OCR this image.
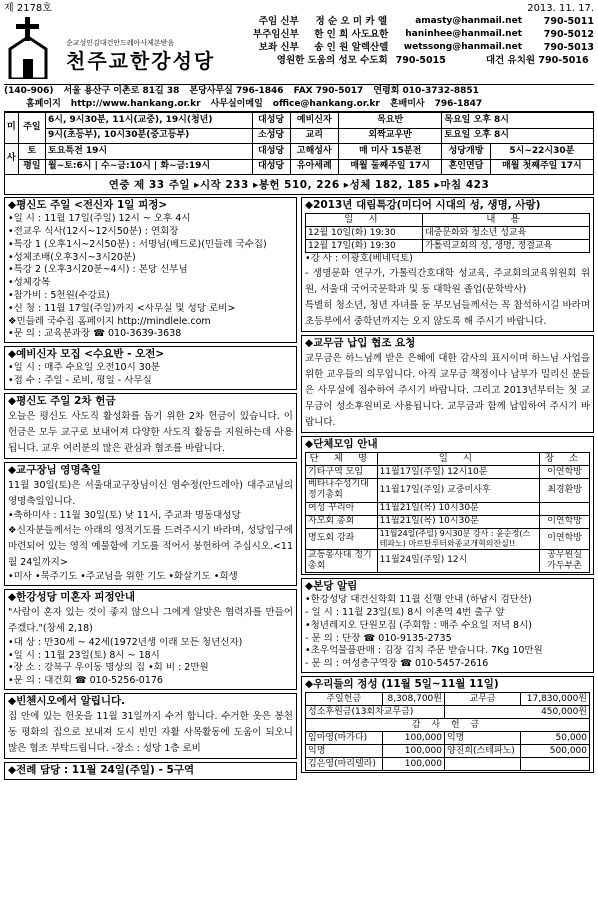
제 2178호	2013. 11. 17.
순교성인김대건안드레아사제본받음
천주교한강성당
주임 신부	정 순 오 미 카 엘	amasty@hanmail.net	790-5011
부주임신부	한 인 희 사도요한	haninhee@hanmail.net	790-5012
보좌 신부	송 인 원 알렉산델	wetssong@hanmail.net	790-5013
영원한 도움의 성모 수도회 790-5015	대건 유치원 790-5016
(140-906) 서울 용산구 이촌로 81길 38 본당사무실 796-1846 FAX 790-5017 연령회 010-3732-8851
홈페이지 http://www.hankang.or.kr 사무실이메일 office@hankang.or.kr 혼배미사 796-1847
미	주일	6시, 9시30분, 11시(교중), 19시(청년)	대성당	예비신자	목요반	목요일 오후 8시	
		9시(초등부), 10시30분(중고등부)	소성당	교리	외짝교우반	토요일 오후 8시	
사	토	토요특전 19시	대성당	고해성사	매 미사 15분전	성당개방	5시~22시30분
	평일	월~토:6시 | 수~금:10시 | 화~금:19시	대성당	유아세례	매월 둘째주일 17시	혼인면담	매월 첫째주일 17시
연중 제 33 주일 ▸시작 233 ▸봉헌 510, 226 ▸성체 182, 185 ▸마침 423
◆평신도 주일 <전신자 1일 피정>
•일 시 : 11월 17일(주일) 12시 ~ 오후 4시
•전교우 식사(12시~12시50분) : 연회장
•특강 1 (오후1시~2시50분) : 서명님(베드로)(민들레 국수집)
•성체조배(오후3시~3시20분)
•특강 2 (오후3시20분~4시) : 본당 신부님
•성체강복
•참가비 : 5천원(수강료)
•신 청 : 11월 17일(주일)까지 <사무실 및 성당 로비>
❖민들레 국수집 홈페이지 http://mindlele.com
•문 의 : 교육분과장 ☎ 010-3639-3638
◆예비신자 모집 <수요반 - 오전>
•일 시 : 매주 수요일 오전10시 30분
•접 수 : 주일 - 로비, 평일 - 사무실
◆평신도 주일 2차 헌금
오늘은 평신도 사도직 활성화를 돕기 위한 2차 헌금이 있습니다. 이 헌금은 모두 교구로 보내어져 다양한 사도직 활동을 지원하는데 사용됩니다. 교우 여러분의 많은 관심과 협조를 바랍니다.
◆교구장님 영명축일
11월 30일(토)은 서울대교구장님이신 염수정(안드레아) 대주교님의 영명축일입니다.
•축하미사 : 11월 30일(토) 낮 11시, 주교좌 명동대성당
❖신자분들께서는 아래의 영적기도를 드려주시기 바라며, 성당입구에 마련되어 있는 영적 예물함에 기도를 적어서 봉헌하여 주십시오.<11월 24일까지>
•미사 •묵주기도 •주교님을 위한 기도 •화살기도 •희생
◆한강성당 미혼자 피정안내
"사람이 혼자 있는 것이 좋지 않으니 그에게 알맞은 협력자를 만들어 주겠다."(창세 2,18)
•대 상 : 만30세 ~ 42세(1972년생 이래 모든 청년신자)
•일 시 : 11월 23일(토) 8시 ~ 18시
•장 소 : 강북구 우이동 명상의 집 •회 비 : 2만원
•문 의 : 대건회 ☎ 010-5256-0176
◆빈첸시오에서 알립니다.
집 안에 있는 헌옷을 11월 31일까지 수거 합니다. 수거한 옷은 봉천동 평화의 집으로 보내져 도시 빈민 자활 사목활동에 도움이 되오니 많은 협조 부탁드립니다. -장소 : 성당 1층 로비
◆전례 담당 : 11월 24일(주일) - 5구역
◆2013년 대림특강(미디어 시대의 성, 생명, 사랑)
일 시	내 용
12월 10일(화) 19:30	대중문화와 청소년 성교육
12월 17일(화) 19:30	가톨릭교회의 성, 생명, 정결교육
•강 사 : 이광호(베네딕토)
- 생명문화 연구가, 가톨릭간호대학 성교육, 주교회의교육위원회 위원, 서울대 국어국문학과 및 동 대학원 졸업(문학박사)
특별히 청소년, 청년 자녀를 둔 부모님들께서는 꼭 참석하시길 바라며 초등부에서 중학년까지는 오지 않도록 해 주시기 바랍니다.
◆교무금 납입 협조 요청
교무금은 하느님께 받은 은혜에 대한 감사의 표시이며 하느님 사업을 위한 교우들의 의무입니다. 아직 교무금 책정이나 납부가 밀리신 분들은 사무실에 접수하여 주시기 바랍니다. 그리고 2013년부터는 첫 교무금이 성소후원비로 사용됩니다. 교무금과 함께 납입하여 주시기 바랍니다.
◆단체모임 안내
단 체 명	일 시	장 소
기타구역 모임	11월17일(주일) 12시10분	이연학방
베타나수성기대 정기총회	11월17일(주일) 교중미사후	최경환방
여성 꾸리아	11월21일(목) 10시30분	
자모회 총회	11월21일(목) 10시30분	이연학방
명도회 강좌	11월24일(주일) 9시30분 강사 : 윤순정(스테파노) 마르탄루터와종교개혁의잔실!!	이연학방
교동봉사대 정기총회	11월24일(주일) 12시	공무원실 가두부촌
◆본당 알림
•한강성당 대건신학회 11월 신행 안내 (하남시 검단산)
- 일 시 : 11월 23일(토) 8시 이촌역 4번 출구 앞
•청년레지오 단원모집 (주회합 : 매주 수요일 저녁 8시)
- 문 의 : 단장 ☎ 010-9135-2735
•초우억물품판매 : 김장 김치 주문 받습니다. 7Kg 10만원
- 문 의 : 여성총구역장 ☎ 010-5457-2616
◆우리들의 정성 (11월 5일~11월 11일)
주일헌금	8,308,700원	교무금	17,830,000원
성소후원금(13회차교무금)		450,000원	
감 사 헌 금			
임마영(마가다)	100,000	익명	50,000
익명	100,000	양진희(스테파노)	500,000
김은영(마리텔라)	100,000		
